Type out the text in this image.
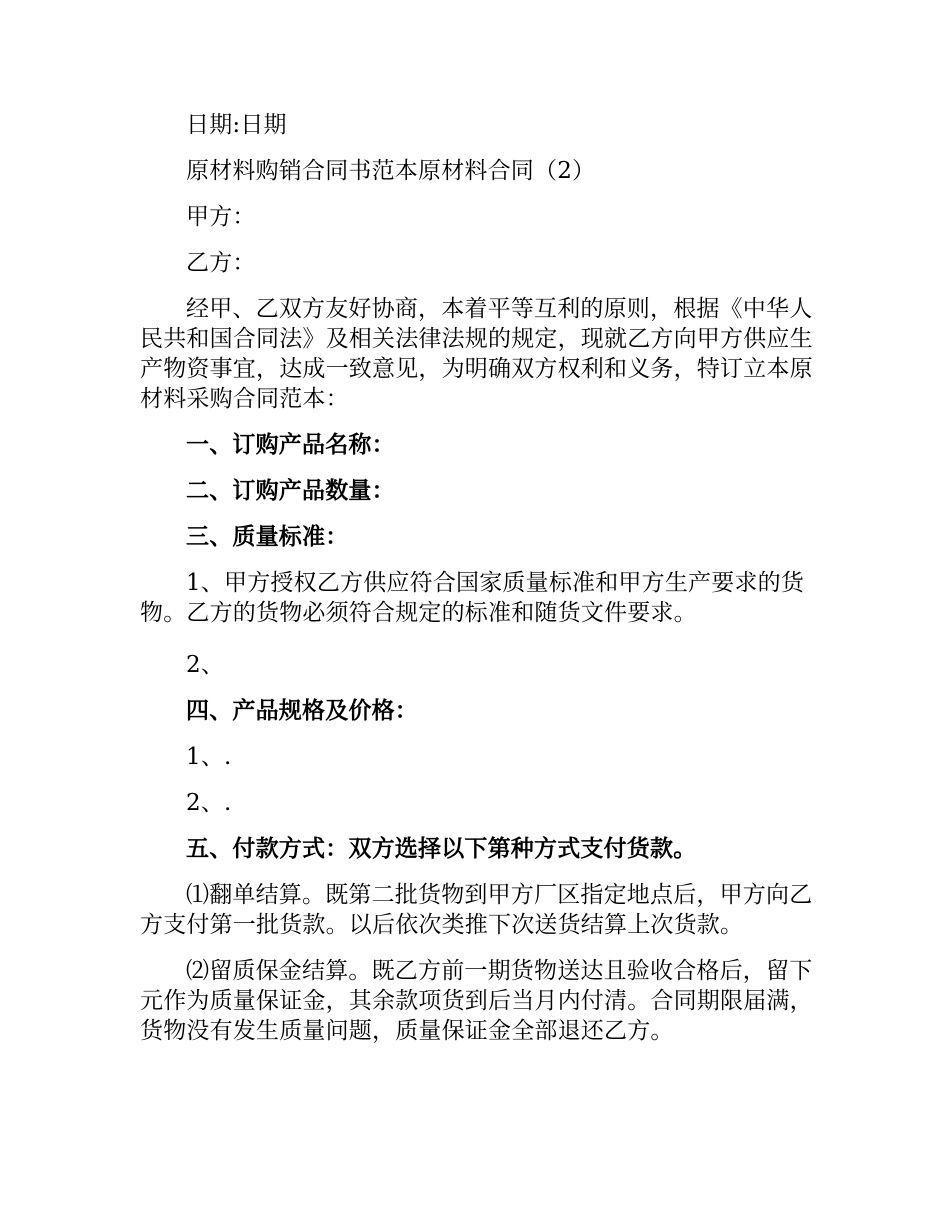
日期:日期

原材料购销合同书范本原材料合同（2）

甲方：

乙方：

经甲、乙双方友好协商，本着平等互利的原则，根据《中华人民共和国合同法》及相关法律法规的规定，现就乙方向甲方供应生产物资事宜，达成一致意见，为明确双方权利和义务，特订立本原材料采购合同范本：

一、订购产品名称：

二、订购产品数量：

三、质量标准：

1、甲方授权乙方供应符合国家质量标准和甲方生产要求的货物。乙方的货物必须符合规定的标准和随货文件要求。

2、

四、产品规格及价格：

1、.

2、.

五、付款方式：双方选择以下第种方式支付货款。

⑴翻单结算。既第二批货物到甲方厂区指定地点后，甲方向乙方支付第一批货款。以后依次类推下次送货结算上次货款。

⑵留质保金结算。既乙方前一期货物送达且验收合格后，留下元作为质量保证金，其余款项货到后当月内付清。合同期限届满，货物没有发生质量问题，质量保证金全部退还乙方。
